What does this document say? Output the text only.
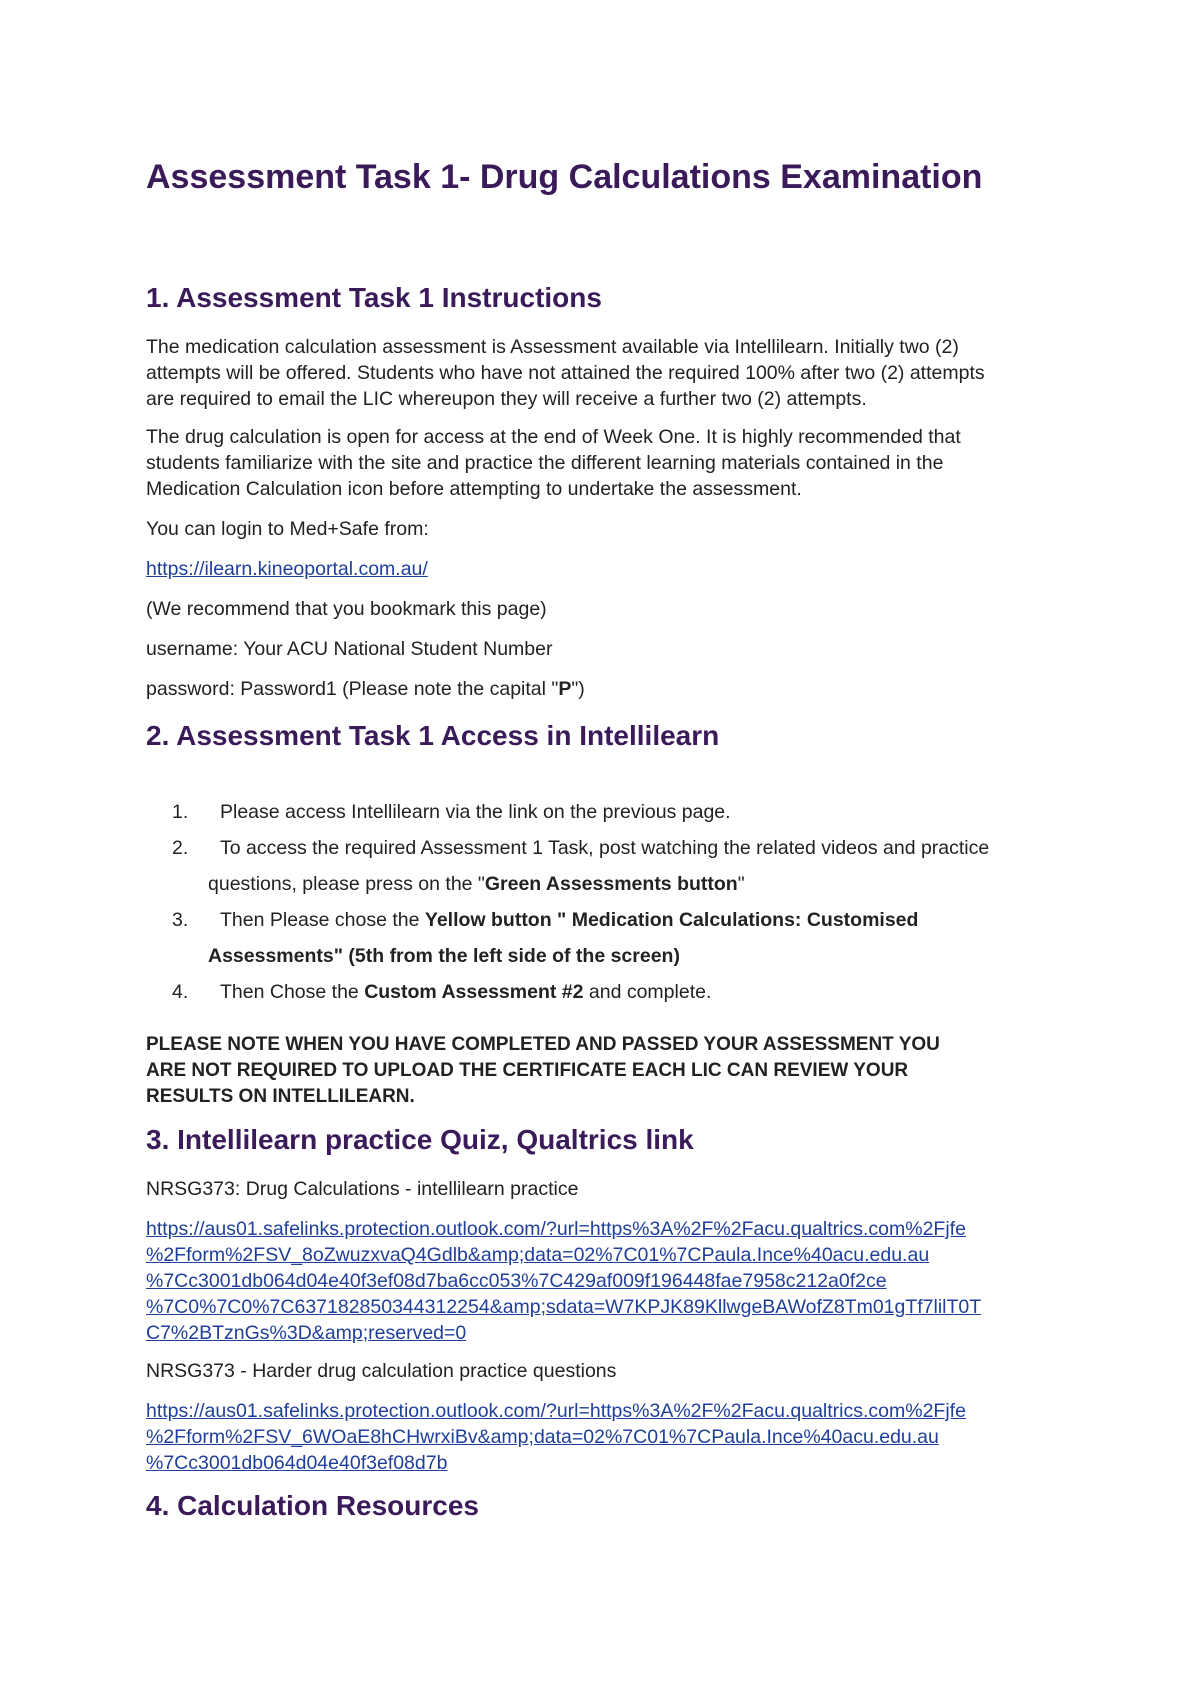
Assessment Task 1- Drug Calculations Examination
1. Assessment Task 1 Instructions
The medication calculation assessment is Assessment available via Intellilearn. Initially two (2)
attempts will be offered. Students who have not attained the required 100% after two (2) attempts
are required to email the LIC whereupon they will receive a further two (2) attempts.
The drug calculation is open for access at the end of Week One. It is highly recommended that
students familiarize with the site and practice the different learning materials contained in the
Medication Calculation icon before attempting to undertake the assessment.
You can login to Med+Safe from:
https://ilearn.kineoportal.com.au/
(We recommend that you bookmark this page)
username: Your ACU National Student Number
password: Password1 (Please note the capital "P")
2. Assessment Task 1 Access in Intellilearn
1.	Please access Intellilearn via the link on the previous page.
2.	To access the required Assessment 1 Task, post watching the related videos and practice
questions, please press on the "Green Assessments button"
3.	Then Please chose the Yellow button " Medication Calculations: Customised
Assessments" (5th from the left side of the screen)
4.	Then Chose the Custom Assessment #2 and complete.
PLEASE NOTE WHEN YOU HAVE COMPLETED AND PASSED YOUR ASSESSMENT YOU
ARE NOT REQUIRED TO UPLOAD THE CERTIFICATE EACH LIC CAN REVIEW YOUR
RESULTS ON INTELLILEARN.
3. Intellilearn practice Quiz, Qualtrics link
NRSG373: Drug Calculations - intellilearn practice
https://aus01.safelinks.protection.outlook.com/?url=https%3A%2F%2Facu.qualtrics.com%2Fjfe
%2Fform%2FSV_8oZwuzxvaQ4Gdlb&amp;data=02%7C01%7CPaula.Ince%40acu.edu.au
%7Cc3001db064d04e40f3ef08d7ba6cc053%7C429af009f196448fae7958c212a0f2ce
%7C0%7C0%7C637182850344312254&amp;sdata=W7KPJK89KllwgeBAWofZ8Tm01gTf7lilT0T
C7%2BTznGs%3D&amp;reserved=0
NRSG373 - Harder drug calculation practice questions
https://aus01.safelinks.protection.outlook.com/?url=https%3A%2F%2Facu.qualtrics.com%2Fjfe
%2Fform%2FSV_6WOaE8hCHwrxiBv&amp;data=02%7C01%7CPaula.Ince%40acu.edu.au
%7Cc3001db064d04e40f3ef08d7b
4. Calculation Resources
